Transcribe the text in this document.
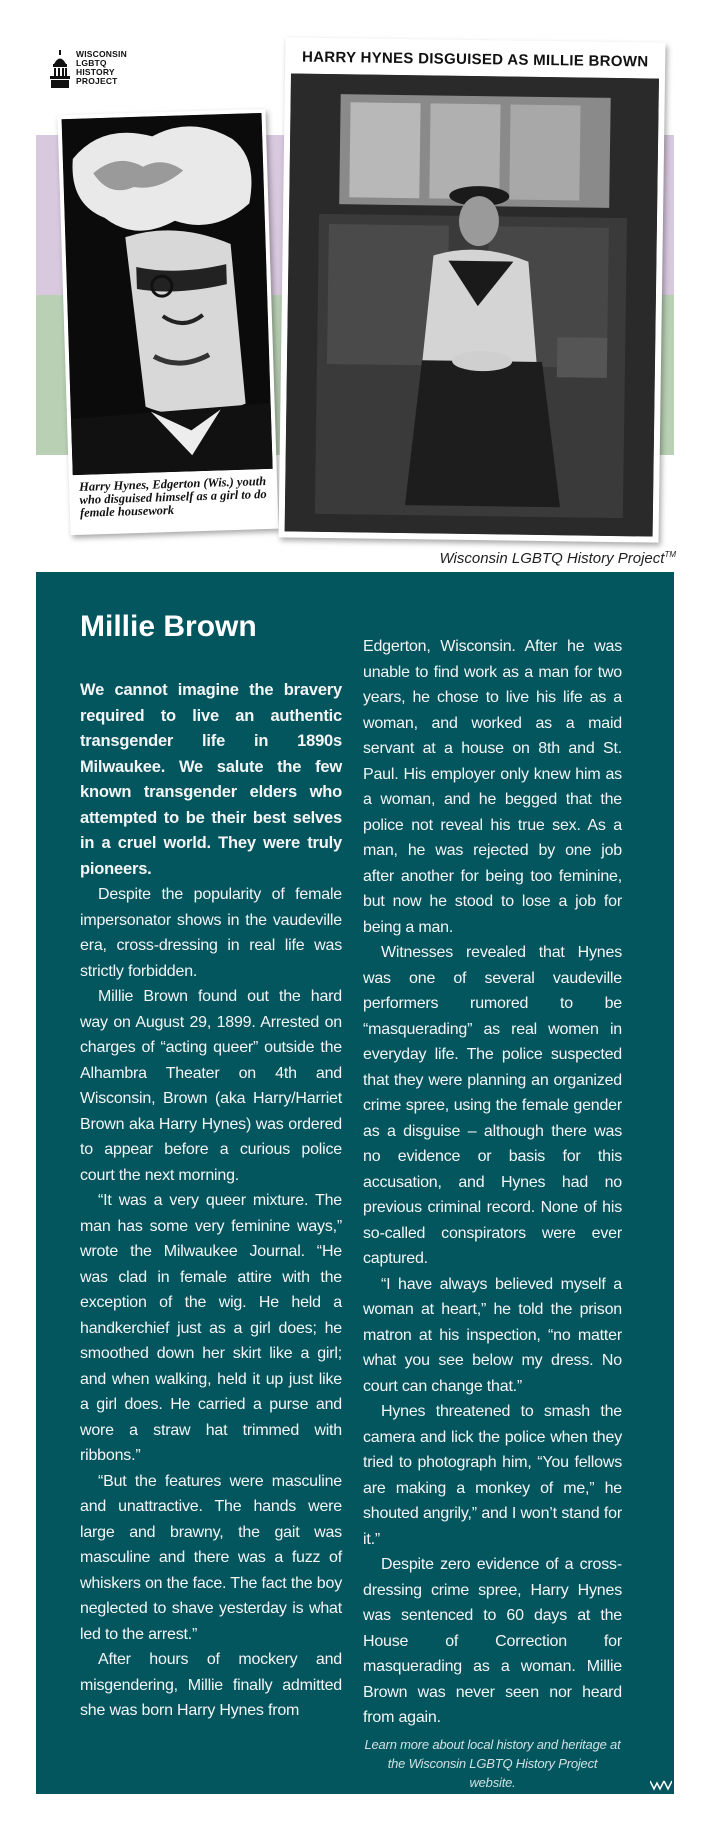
WISCONSIN
LGBTQ
HISTORY
PROJECT
Harry Hynes, Edgerton (Wis.) youth who disguised himself as a girl to do female housework
HARRY HYNES DISGUISED AS MILLIE BROWN
Wisconsin LGBTQ History Project™
Millie Brown

We cannot imagine the bravery required to live an authentic transgender life in 1890s Milwaukee. We salute the few known transgender elders who attempted to be their best selves in a cruel world. They were truly pioneers.

Despite the popularity of female impersonator shows in the vaudeville era, cross-dressing in real life was strictly forbidden.

Millie Brown found out the hard way on August 29, 1899. Arrested on charges of “acting queer” outside the Alhambra Theater on 4th and Wisconsin, Brown (aka Harry/Harriet Brown aka Harry Hynes) was ordered to appear before a curious police court the next morning.

“It was a very queer mixture. The man has some very feminine ways,” wrote the Milwaukee Journal. “He was clad in female attire with the exception of the wig. He held a handkerchief just as a girl does; he smoothed down her skirt like a girl; and when walking, held it up just like a girl does. He carried a purse and wore a straw hat trimmed with ribbons.”

“But the features were masculine and unattractive. The hands were large and brawny, the gait was masculine and there was a fuzz of whiskers on the face. The fact the boy neglected to shave yesterday is what led to the arrest.”

After hours of mockery and misgendering, Millie finally admitted she was born Harry Hynes from

Edgerton, Wisconsin. After he was unable to find work as a man for two years, he chose to live his life as a woman, and worked as a maid servant at a house on 8th and St. Paul. His employer only knew him as a woman, and he begged that the police not reveal his true sex. As a man, he was rejected by one job after another for being too feminine, but now he stood to lose a job for being a man.

Witnesses revealed that Hynes was one of several vaudeville performers rumored to be “masquerading” as real women in everyday life. The police suspected that they were planning an organized crime spree, using the female gender as a disguise – although there was no evidence or basis for this accusation, and Hynes had no previous criminal record. None of his so-called conspirators were ever captured.

“I have always believed myself a woman at heart,” he told the prison matron at his inspection, “no matter what you see below my dress. No court can change that.”

Hynes threatened to smash the camera and lick the police when they tried to photograph him, “You fellows are making a monkey of me,” he shouted angrily,” and I won’t stand for it.”

Despite zero evidence of a cross-dressing crime spree, Harry Hynes was sentenced to 60 days at the House of Correction for masquerading as a woman. Millie Brown was never seen nor heard from again.

Learn more about local history and heritage at the Wisconsin LGBTQ History Project website.
